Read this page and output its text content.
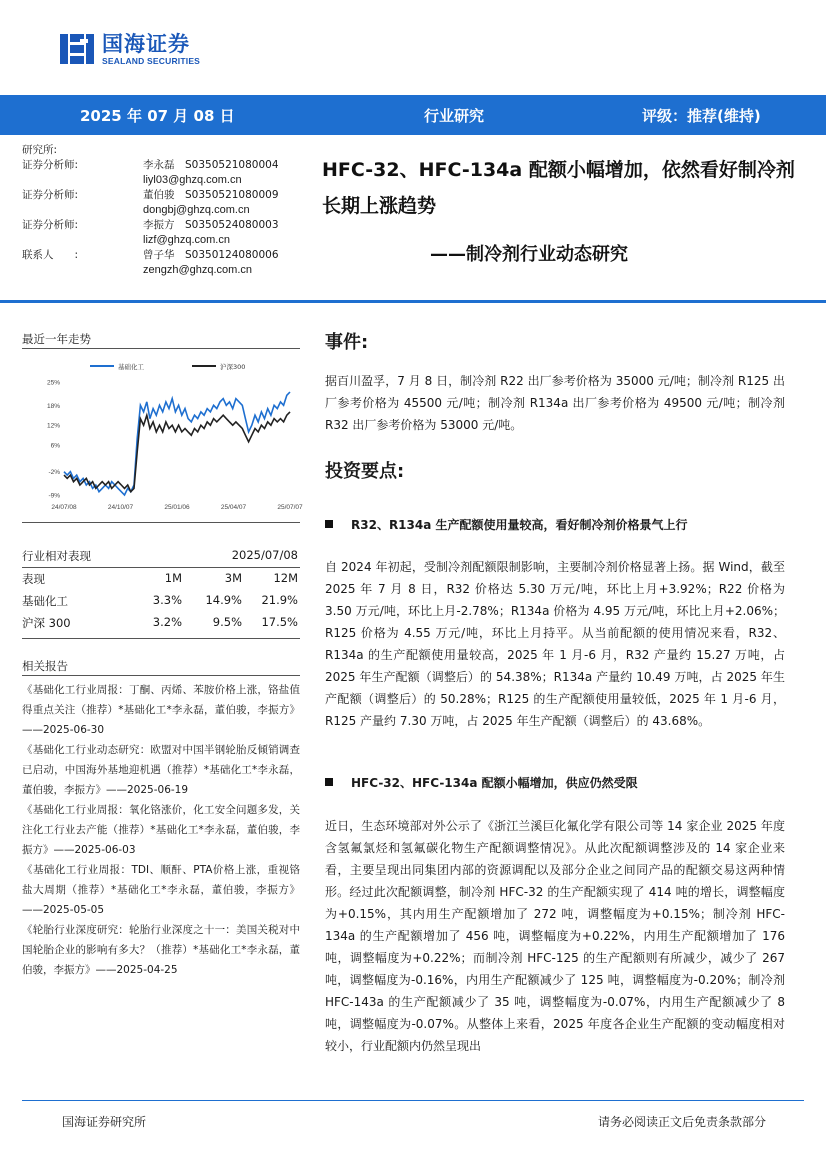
国海证券
SEALAND SECURITIES
2025 年 07 月 08 日	行业研究	评级：推荐(维持)
研究所:
证券分析师:	李永磊　 S0350521080004
liyl03@ghzq.com.cn
证券分析师:	董伯骏　 S0350521080009
dongbj@ghzq.com.cn
证券分析师:	李振方　 S0350524080003
lizf@ghzq.com.cn
联系人　　:	曾子华　 S0350124080006
zengzh@ghzq.com.cn
HFC-32、HFC-134a 配额小幅增加，依然看好制冷剂长期上涨趋势
——制冷剂行业动态研究
最近一年走势
基础化工	沪深300
25%
18%
12%
6%
-2%
-9%
24/07/08	24/10/07	25/01/06	25/04/07	25/07/07
行业相对表现	2025/07/08
表现	1M	3M	12M
基础化工	3.3% 14.9% 21.9%
沪深 300	3.2%	9.5% 17.5%
相关报告

《基础化工行业周报：丁酮、丙烯、苯胺价格上涨，铬盐值得重点关注（推荐）*基础化工*李永磊，董伯骏，李振方》——2025-06-30

《基础化工行业动态研究：欧盟对中国半钢轮胎反倾销调查已启动，中国海外基地迎机遇（推荐）*基础化工*李永磊，董伯骏，李振方》——2025-06-19

《基础化工行业周报：氧化铬涨价，化工安全问题多发，关注化工行业去产能（推荐）*基础化工*李永磊，董伯骏，李振方》——2025-06-03

《基础化工行业周报：TDI、顺酐、PTA价格上涨，重视铬盐大周期（推荐）*基础化工*李永磊，董伯骏，李振方》——2025-05-05

《轮胎行业深度研究：轮胎行业深度之十一：美国关税对中国轮胎企业的影响有多大？（推荐）*基础化工*李永磊，董伯骏，李振方》——2025-04-25

事件:
据百川盈孚，7 月 8 日，制冷剂 R22 出厂参考价格为 35000 元/吨；制冷剂 R125 出厂参考价格为 45500 元/吨；制冷剂 R134a 出厂参考价格为 49500 元/吨；制冷剂 R32 出厂参考价格为 53000 元/吨。
投资要点:
R32、R134a 生产配额使用量较高，看好制冷剂价格景气上行
自 2024 年初起，受制冷剂配额限制影响，主要制冷剂价格显著上扬。据 Wind，截至 2025 年 7 月 8 日，R32 价格达 5.30 万元/吨，环比上月+3.92%；R22 价格为 3.50 万元/吨，环比上月-2.78%；R134a 价格为 4.95 万元/吨，环比上月+2.06%；R125 价格为 4.55 万元/吨，环比上月持平。从当前配额的使用情况来看，R32、R134a 的生产配额使用量较高，2025 年 1 月-6 月，R32 产量约 15.27 万吨，占 2025 年生产配额（调整后）的 54.38%；R134a 产量约 10.49 万吨，占 2025 年生产配额（调整后）的 50.28%；R125 的生产配额使用量较低，2025 年 1 月-6 月，R125 产量约 7.30 万吨，占 2025 年生产配额（调整后）的 43.68%。
HFC-32、HFC-134a 配额小幅增加，供应仍然受限
近日，生态环境部对外公示了《浙江兰溪巨化氟化学有限公司等 14 家企业 2025 年度含氢氟氯烃和氢氟碳化物生产配额调整情况》。从此次配额调整涉及的 14 家企业来看，主要呈现出同集团内部的资源调配以及部分企业之间同产品的配额交易这两种情形。经过此次配额调整，制冷剂 HFC-32 的生产配额实现了 414 吨的增长，调整幅度为+0.15%，其内用生产配额增加了 272 吨，调整幅度为+0.15%；制冷剂 HFC-134a 的生产配额增加了 456 吨，调整幅度为+0.22%，内用生产配额增加了 176 吨，调整幅度为+0.22%；而制冷剂 HFC-125 的生产配额则有所减少，减少了 267 吨，调整幅度为-0.16%，内用生产配额减少了 125 吨，调整幅度为-0.20%；制冷剂 HFC-143a 的生产配额减少了 35 吨，调整幅度为-0.07%，内用生产配额减少了 8 吨，调整幅度为-0.07%。从整体上来看，2025 年度各企业生产配额的变动幅度相对较小，行业配额内仍然呈现出
国海证券研究所	请务必阅读正文后免责条款部分
